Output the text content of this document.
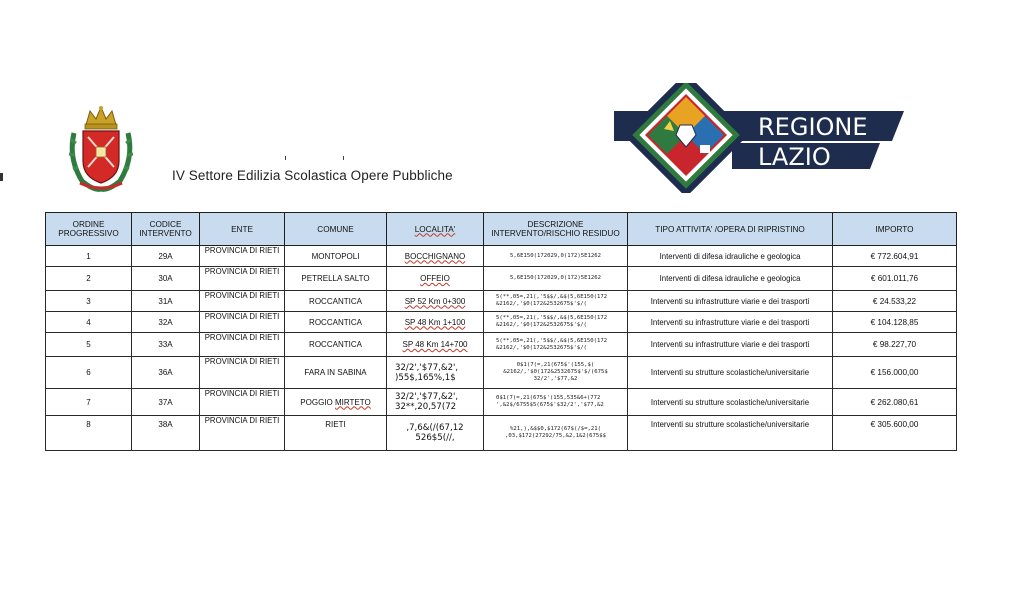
IV Settore Edilizia Scolastica Opere Pubbliche
REGIONE
LAZIO
ORDINE PROGRESSIVO	CODICE INTERVENTO	ENTE	COMUNE	LOCALITA'	DESCRIZIONE INTERVENTO/RISCHIO RESIDUO	TIPO ATTIVITA' /OPERA DI RIPRISTINO	IMPORTO
1	29A	PROVINCIA DI RIETI	MONTOPOLI	BOCCHIGNANO	5,6E150(172029,0(172)5E1262	Interventi di difesa idrauliche e geologica	€ 772.604,91
2	30A	PROVINCIA DI RIETI	PETRELLA SALTO	OFFEIO	5,6E150(172029,0(172)5E1262	Interventi di difesa idrauliche e geologica	€ 601.011,76
3	31A	PROVINCIA DI RIETI	ROCCANTICA	SP 52 Km 0+300	5(**,05=,21(,'5$$/,&$(5,6E150(172 &2162/,'$0(172&2532675$'$/(	Interventi su infrastrutture viarie e dei trasporti	€ 24.533,22
4	32A	PROVINCIA DI RIETI	ROCCANTICA	SP 48 Km 1+100	5(**,05=,21(,'5$$/,&$(5,6E150(172 &2162/,'$0(172&2532675$'$/(	Interventi su infrastrutture viarie e dei trasporti	€ 104.128,85
5	33A	PROVINCIA DI RIETI	ROCCANTICA	SP 48 Km 14+700	5(**,05=,21(,'5$$/,&$(5,6E150(172 &2162/,'$0(172&2532675$'$/(	Interventi su infrastrutture viarie e dei trasporti	€ 98.227,70
6	36A	PROVINCIA DI RIETI	FARA IN SABINA	32/2','$77,&2', )55$,165%,1$	0$1(7(=,21(675$'(155,$( &2162/,'$0(172&2532675$'$/(675$ 32/2','$77,&2	Interventi su strutture scolastiche/universitarie	€ 156.000,00
7	37A	PROVINCIA DI RIETI	POGGIO MIRTETO	32/2','$77,&2', 32**,20,57(72	0$1(7(=,21(675$'(155,535&6+(772 ',&2$/6755$5(675$'$32/2','$77,&2	Interventi su strutture scolastiche/universitarie	€ 262.080,61
8	38A	PROVINCIA DI RIETI	RIETI	,7,6&(/(67,12 526$5(//,	%21,),&$$0,$172(67$(/$=,21( ,03,$172(27292/75,&2,1&2(675$$	Interventi su strutture scolastiche/universitarie	€ 305.600,00
